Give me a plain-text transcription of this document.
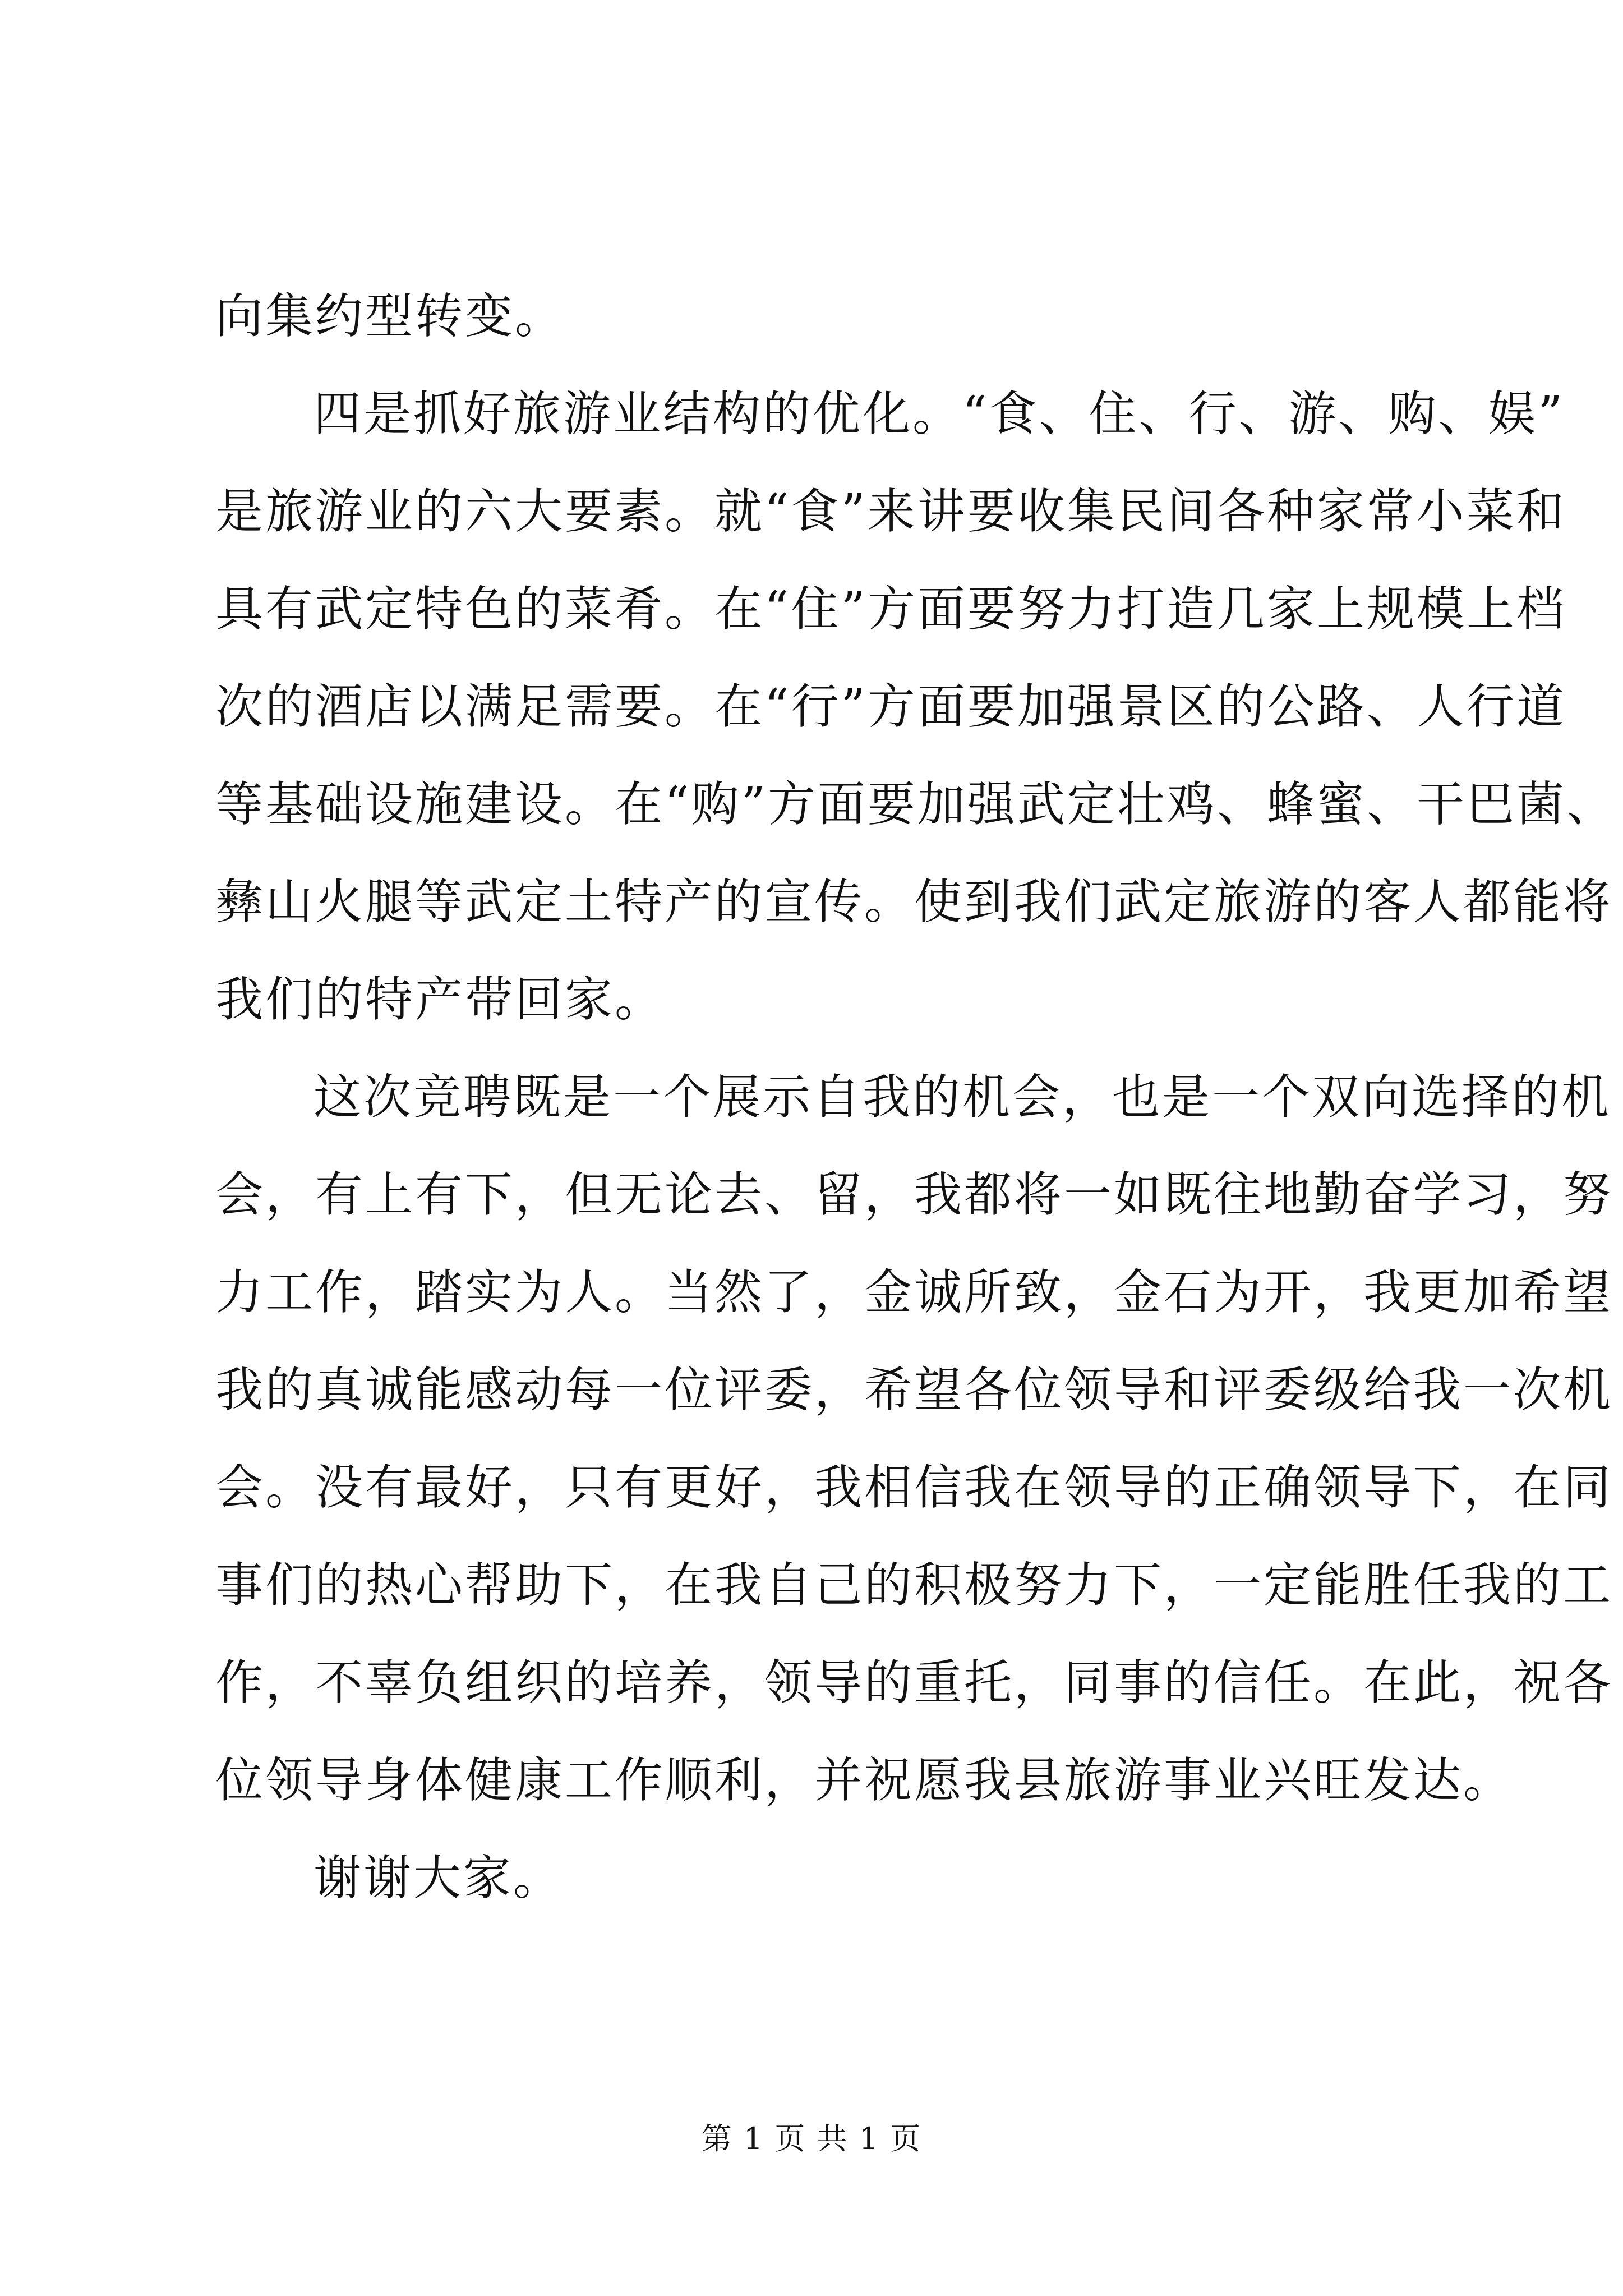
向集约型转变。

四是抓好旅游业结构的优化。“食、住、行、游、购、娱”
是旅游业的六大要素。就“食”来讲要收集民间各种家常小菜和
具有武定特色的菜肴。在“住”方面要努力打造几家上规模上档
次的酒店以满足需要。在“行”方面要加强景区的公路、人行道
等基础设施建设。在“购”方面要加强武定壮鸡、蜂蜜、干巴菌、
彝山火腿等武定土特产的宣传。使到我们武定旅游的客人都能将
我们的特产带回家。

这次竞聘既是一个展示自我的机会，也是一个双向选择的机
会，有上有下，但无论去、留，我都将一如既往地勤奋学习，努
力工作，踏实为人。当然了，金诚所致，金石为开，我更加希望
我的真诚能感动每一位评委，希望各位领导和评委级给我一次机
会。没有最好，只有更好，我相信我在领导的正确领导下，在同
事们的热心帮助下，在我自己的积极努力下，一定能胜任我的工
作，不辜负组织的培养，领导的重托，同事的信任。在此，祝各
位领导身体健康工作顺利，并祝愿我县旅游事业兴旺发达。

谢谢大家。

第 1 页 共 1 页
